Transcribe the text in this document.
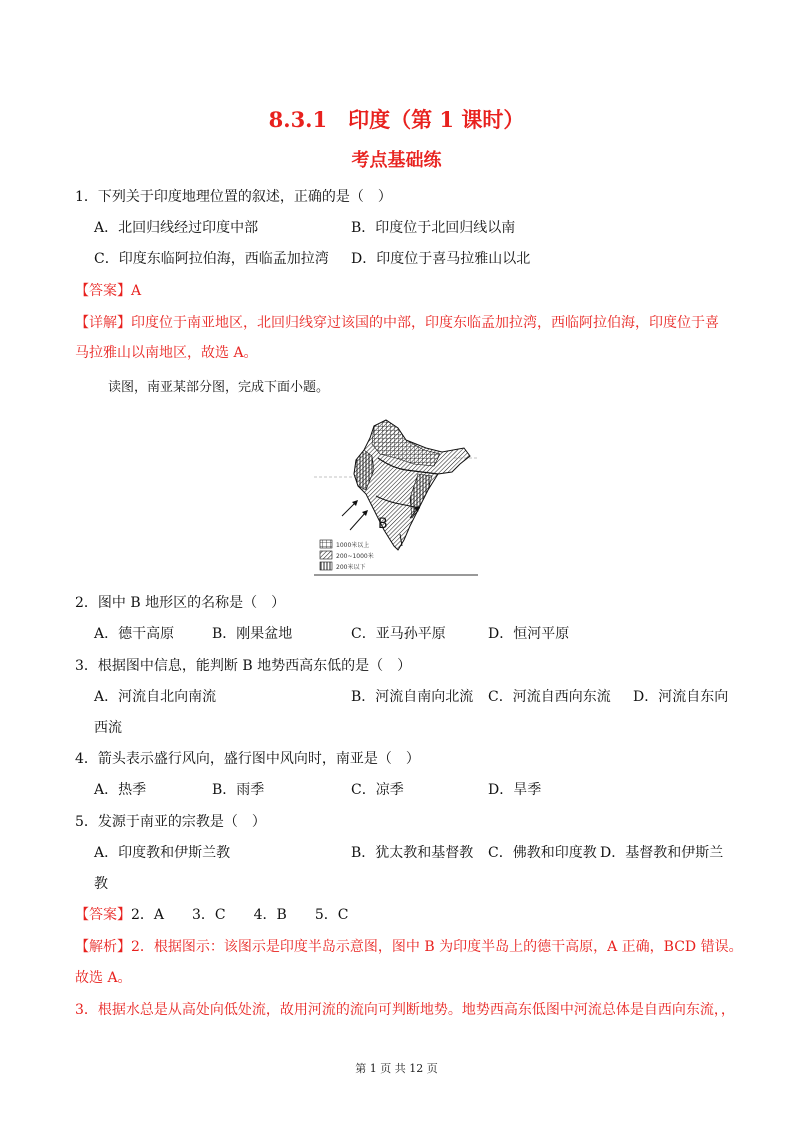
8.3.1　印度（第 1 课时）
考点基础练
1．下列关于印度地理位置的叙述，正确的是（　）
A．北回归线经过印度中部	B．印度位于北回归线以南
C．印度东临阿拉伯海，西临孟加拉湾 D．印度位于喜马拉雅山以北
【答案】A
【详解】印度位于南亚地区，北回归线穿过该国的中部，印度东临孟加拉湾，西临阿拉伯海，印度位于喜
马拉雅山以南地区，故选 A。
读图，南亚某部分图，完成下面小题。
B
1000米以上
200~1000米
200米以下
2．图中 B 地形区的名称是（　）
A．德干高原	B．刚果盆地	C．亚马孙平原	D．恒河平原
3．根据图中信息，能判断 B 地势西高东低的是（　）
A．河流自北向南流	B．河流自南向北流 C．河流自西向东流 D．河流自东向
西流
4．箭头表示盛行风向，盛行图中风向时，南亚是（　）
A．热季	B．雨季	C．凉季	D．旱季
5．发源于南亚的宗教是（　）
A．印度教和伊斯兰教	B．犹太教和基督教 C．佛教和印度教 D．基督教和伊斯兰
教
【答案】2．A　　3．C　　4．B　　5．C
【解析】2．根据图示：该图示是印度半岛示意图，图中 B 为印度半岛上的德干高原，A 正确，BCD 错误。
故选 A。
3．根据水总是从高处向低处流，故用河流的流向可判断地势。地势西高东低图中河流总体是自西向东流，，
第 1 页 共 12 页
